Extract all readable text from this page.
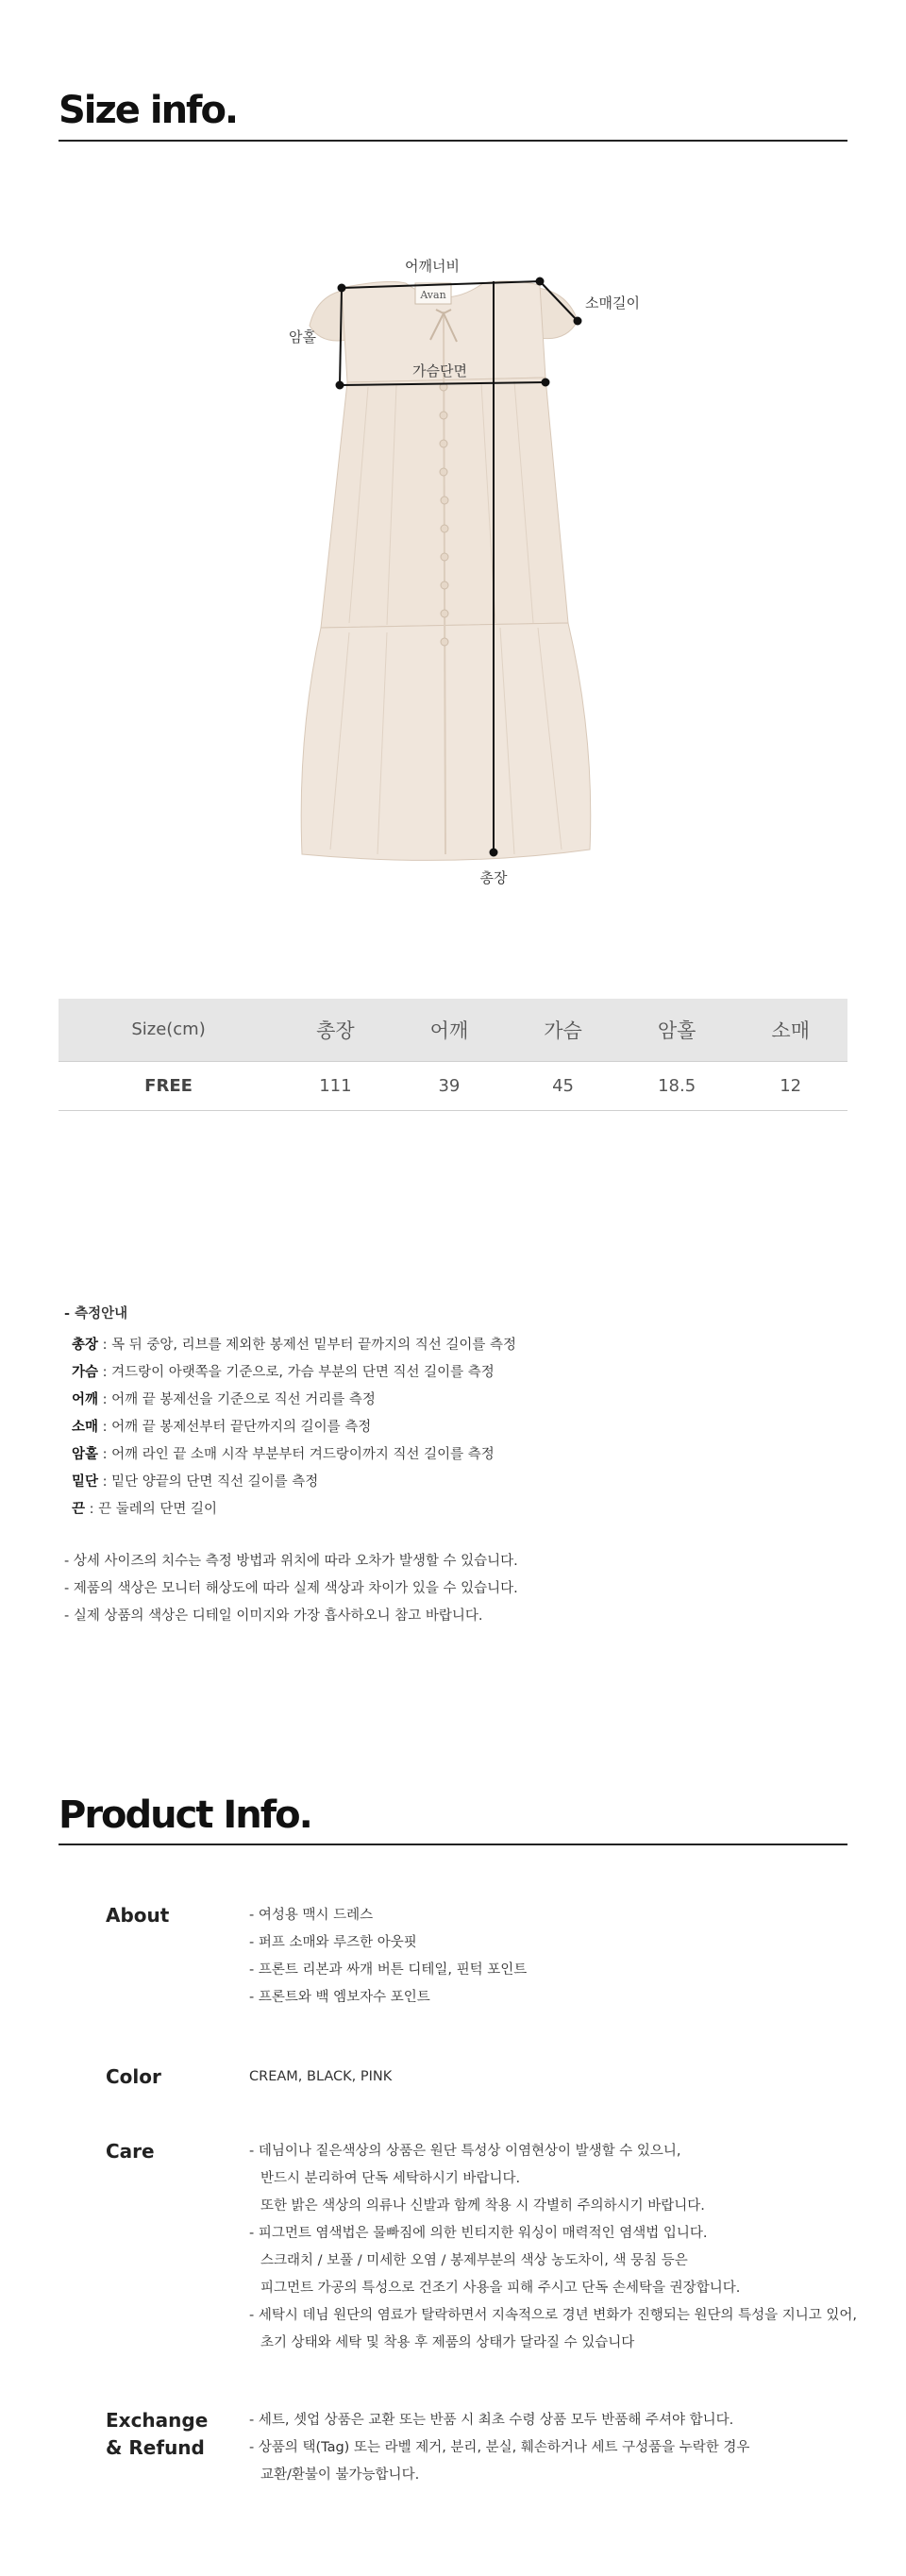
Size info.
Avan
어깨너비
소매길이
암홀
가슴단면
총장
Size(cm)	총장	어깨	가슴	암홀	소매
FREE	111	39	45	18.5	12
- 측정안내
총장 : 목 뒤 중앙, 리브를 제외한 봉제선 밑부터 끝까지의 직선 길이를 측정
가슴 : 겨드랑이 아랫쪽을 기준으로, 가슴 부분의 단면 직선 길이를 측정
어깨 : 어깨 끝 봉제선을 기준으로 직선 거리를 측정
소매 : 어깨 끝 봉제선부터 끝단까지의 길이를 측정
암홀 : 어깨 라인 끝 소매 시작 부분부터 겨드랑이까지 직선 길이를 측정
밑단 : 밑단 양끝의 단면 직선 길이를 측정
끈 : 끈 둘레의 단면 길이
- 상세 사이즈의 치수는 측정 방법과 위치에 따라 오차가 발생할 수 있습니다.
- 제품의 색상은 모니터 해상도에 따라 실제 색상과 차이가 있을 수 있습니다.
- 실제 상품의 색상은 디테일 이미지와 가장 흡사하오니 참고 바랍니다.
Product Info.
About	- 여성용 맥시 드레스
- 퍼프 소매와 루즈한 아웃핏
- 프론트 리본과 싸개 버튼 디테일, 핀턱 포인트
- 프론트와 백 엠보자수 포인트
Color	CREAM, BLACK, PINK
Care	- 데님이나 짙은색상의 상품은 원단 특성상 이염현상이 발생할 수 있으니,
반드시 분리하여 단독 세탁하시기 바랍니다.
또한 밝은 색상의 의류나 신발과 함께 착용 시 각별히 주의하시기 바랍니다.
- 피그먼트 염색법은 물빠짐에 의한 빈티지한 워싱이 매력적인 염색법 입니다.
스크래치 / 보풀 / 미세한 오염 / 봉제부분의 색상 농도차이, 색 뭉침 등은
피그먼트 가공의 특성으로 건조기 사용을 피해 주시고 단독 손세탁을 권장합니다.
- 세탁시 데님 원단의 염료가 탈락하면서 지속적으로 경년 변화가 진행되는 원단의 특성을 지니고 있어,
초기 상태와 세탁 및 착용 후 제품의 상태가 달라질 수 있습니다
Exchange
& Refund
- 세트, 셋업 상품은 교환 또는 반품 시 최초 수령 상품 모두 반품해 주셔야 합니다.
- 상품의 택(Tag) 또는 라벨 제거, 분리, 분실, 훼손하거나 세트 구성품을 누락한 경우
교환/환불이 불가능합니다.
